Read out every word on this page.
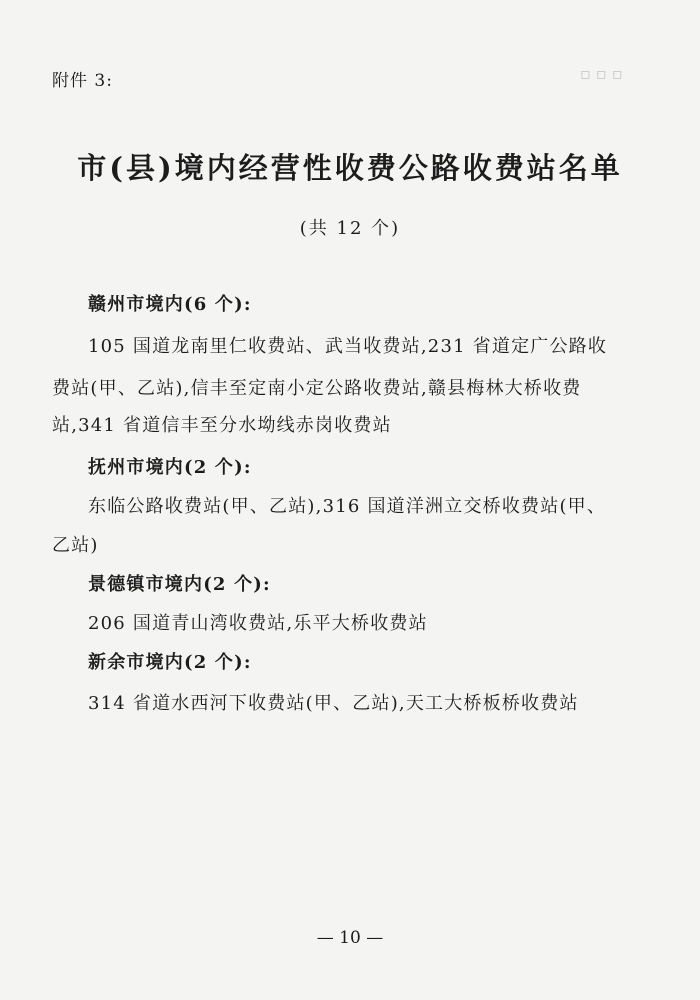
▫ ▫ ▫
附件 3:
市(县)境内经营性收费公路收费站名单
(共 12 个)
赣州市境内(6 个):
105 国道龙南里仁收费站、武当收费站,231 省道定广公路收
费站(甲、乙站),信丰至定南小定公路收费站,赣县梅林大桥收费
站,341 省道信丰至分水坳线赤岗收费站
抚州市境内(2 个):
东临公路收费站(甲、乙站),316 国道洋洲立交桥收费站(甲、
乙站)
景德镇市境内(2 个):
206 国道青山湾收费站,乐平大桥收费站
新余市境内(2 个):
314 省道水西河下收费站(甲、乙站),天工大桥板桥收费站
— 10 —
